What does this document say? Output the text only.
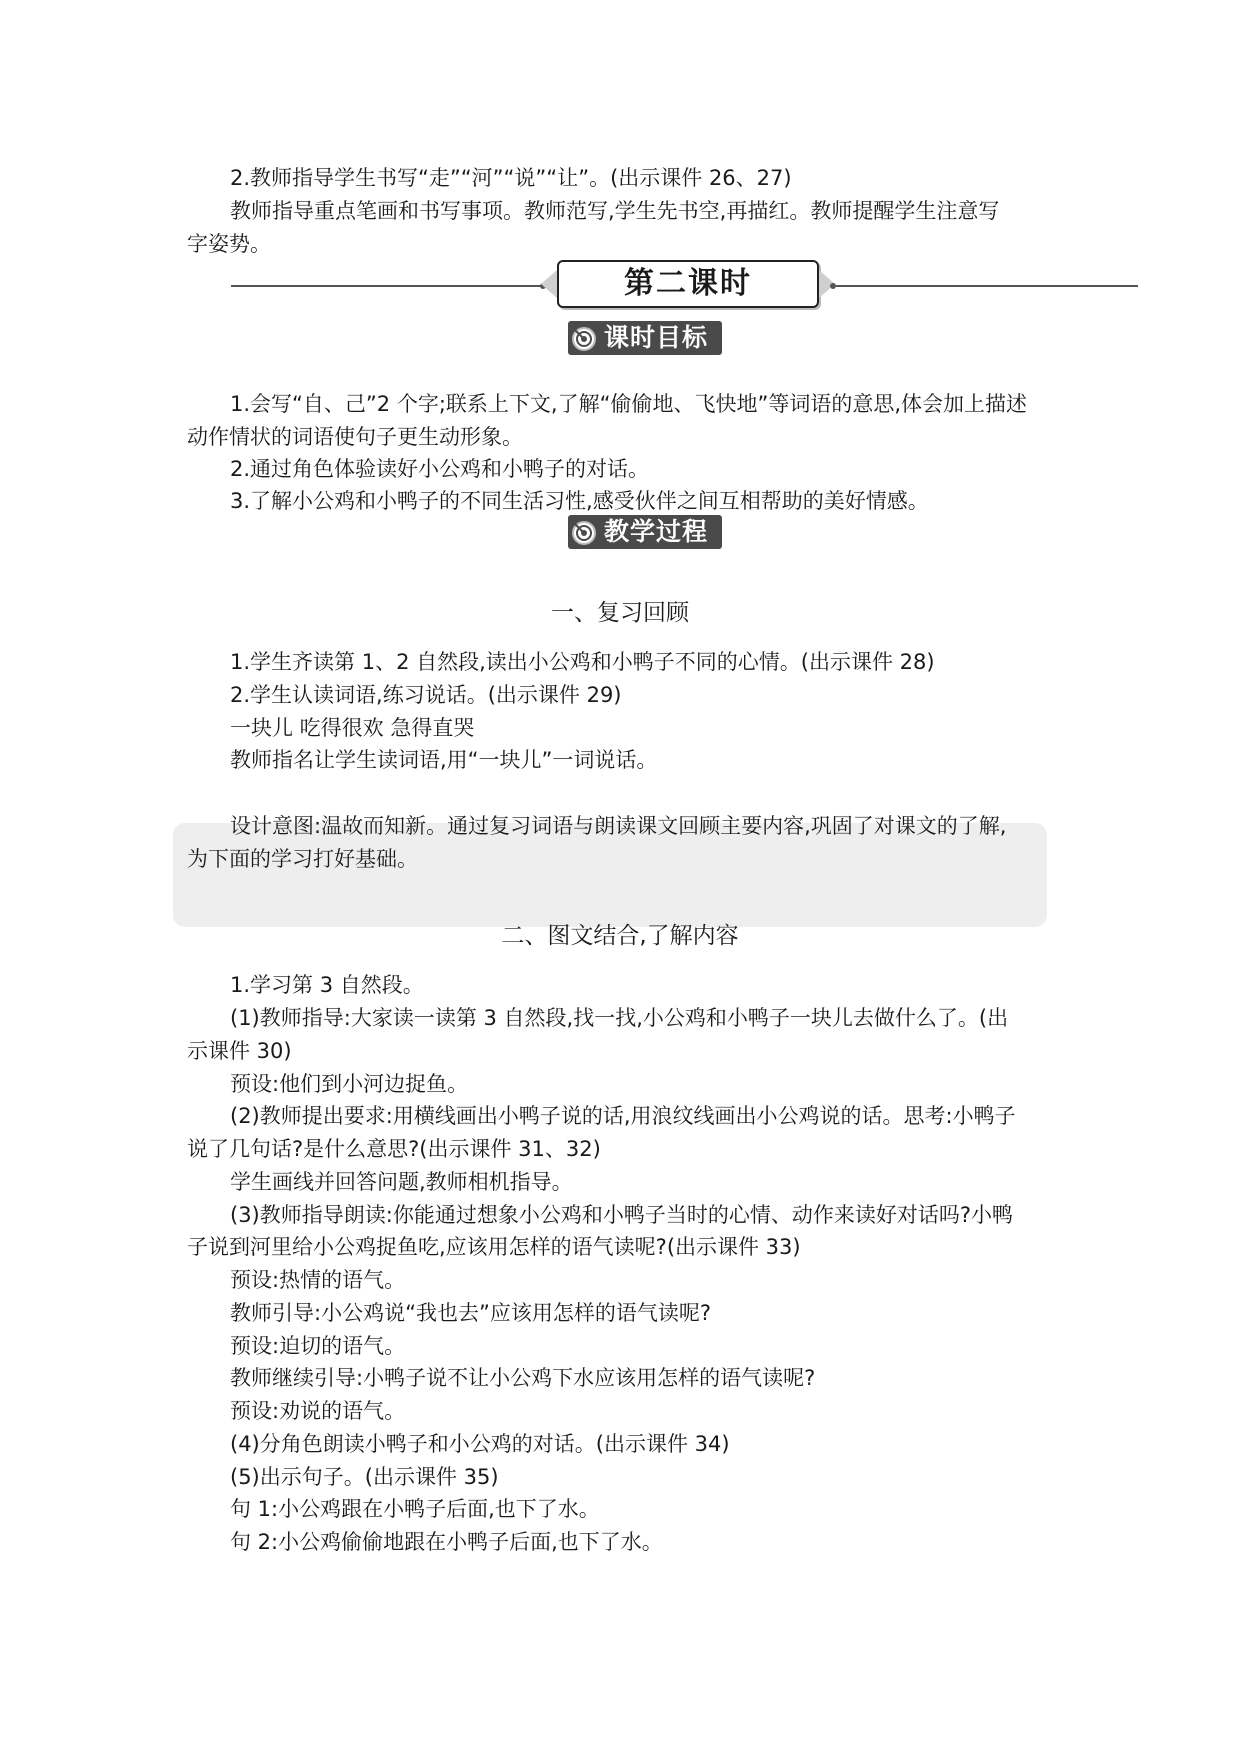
2.教师指导学生书写“走”“河”“说”“让”。(出示课件 26、27)
教师指导重点笔画和书写事项。教师范写,学生先书空,再描红。教师提醒学生注意写
字姿势。
第二课时
课时目标
1.会写“自、己”2 个字;联系上下文,了解“偷偷地、飞快地”等词语的意思,体会加上描述
动作情状的词语使句子更生动形象。
2.通过角色体验读好小公鸡和小鸭子的对话。
3.了解小公鸡和小鸭子的不同生活习性,感受伙伴之间互相帮助的美好情感。
教学过程
一、复习回顾
1.学生齐读第 1、2 自然段,读出小公鸡和小鸭子不同的心情。(出示课件 28)
2.学生认读词语,练习说话。(出示课件 29)
一块儿 吃得很欢 急得直哭
教师指名让学生读词语,用“一块儿”一词说话。
设计意图:温故而知新。通过复习词语与朗读课文回顾主要内容,巩固了对课文的了解,
为下面的学习打好基础。
二、图文结合,了解内容
1.学习第 3 自然段。
(1)教师指导:大家读一读第 3 自然段,找一找,小公鸡和小鸭子一块儿去做什么了。(出
示课件 30)
预设:他们到小河边捉鱼。
(2)教师提出要求:用横线画出小鸭子说的话,用浪纹线画出小公鸡说的话。思考:小鸭子
说了几句话?是什么意思?(出示课件 31、32)
学生画线并回答问题,教师相机指导。
(3)教师指导朗读:你能通过想象小公鸡和小鸭子当时的心情、动作来读好对话吗?小鸭
子说到河里给小公鸡捉鱼吃,应该用怎样的语气读呢?(出示课件 33)
预设:热情的语气。
教师引导:小公鸡说“我也去”应该用怎样的语气读呢?
预设:迫切的语气。
教师继续引导:小鸭子说不让小公鸡下水应该用怎样的语气读呢?
预设:劝说的语气。
(4)分角色朗读小鸭子和小公鸡的对话。(出示课件 34)
(5)出示句子。(出示课件 35)
句 1:小公鸡跟在小鸭子后面,也下了水。
句 2:小公鸡偷偷地跟在小鸭子后面,也下了水。
